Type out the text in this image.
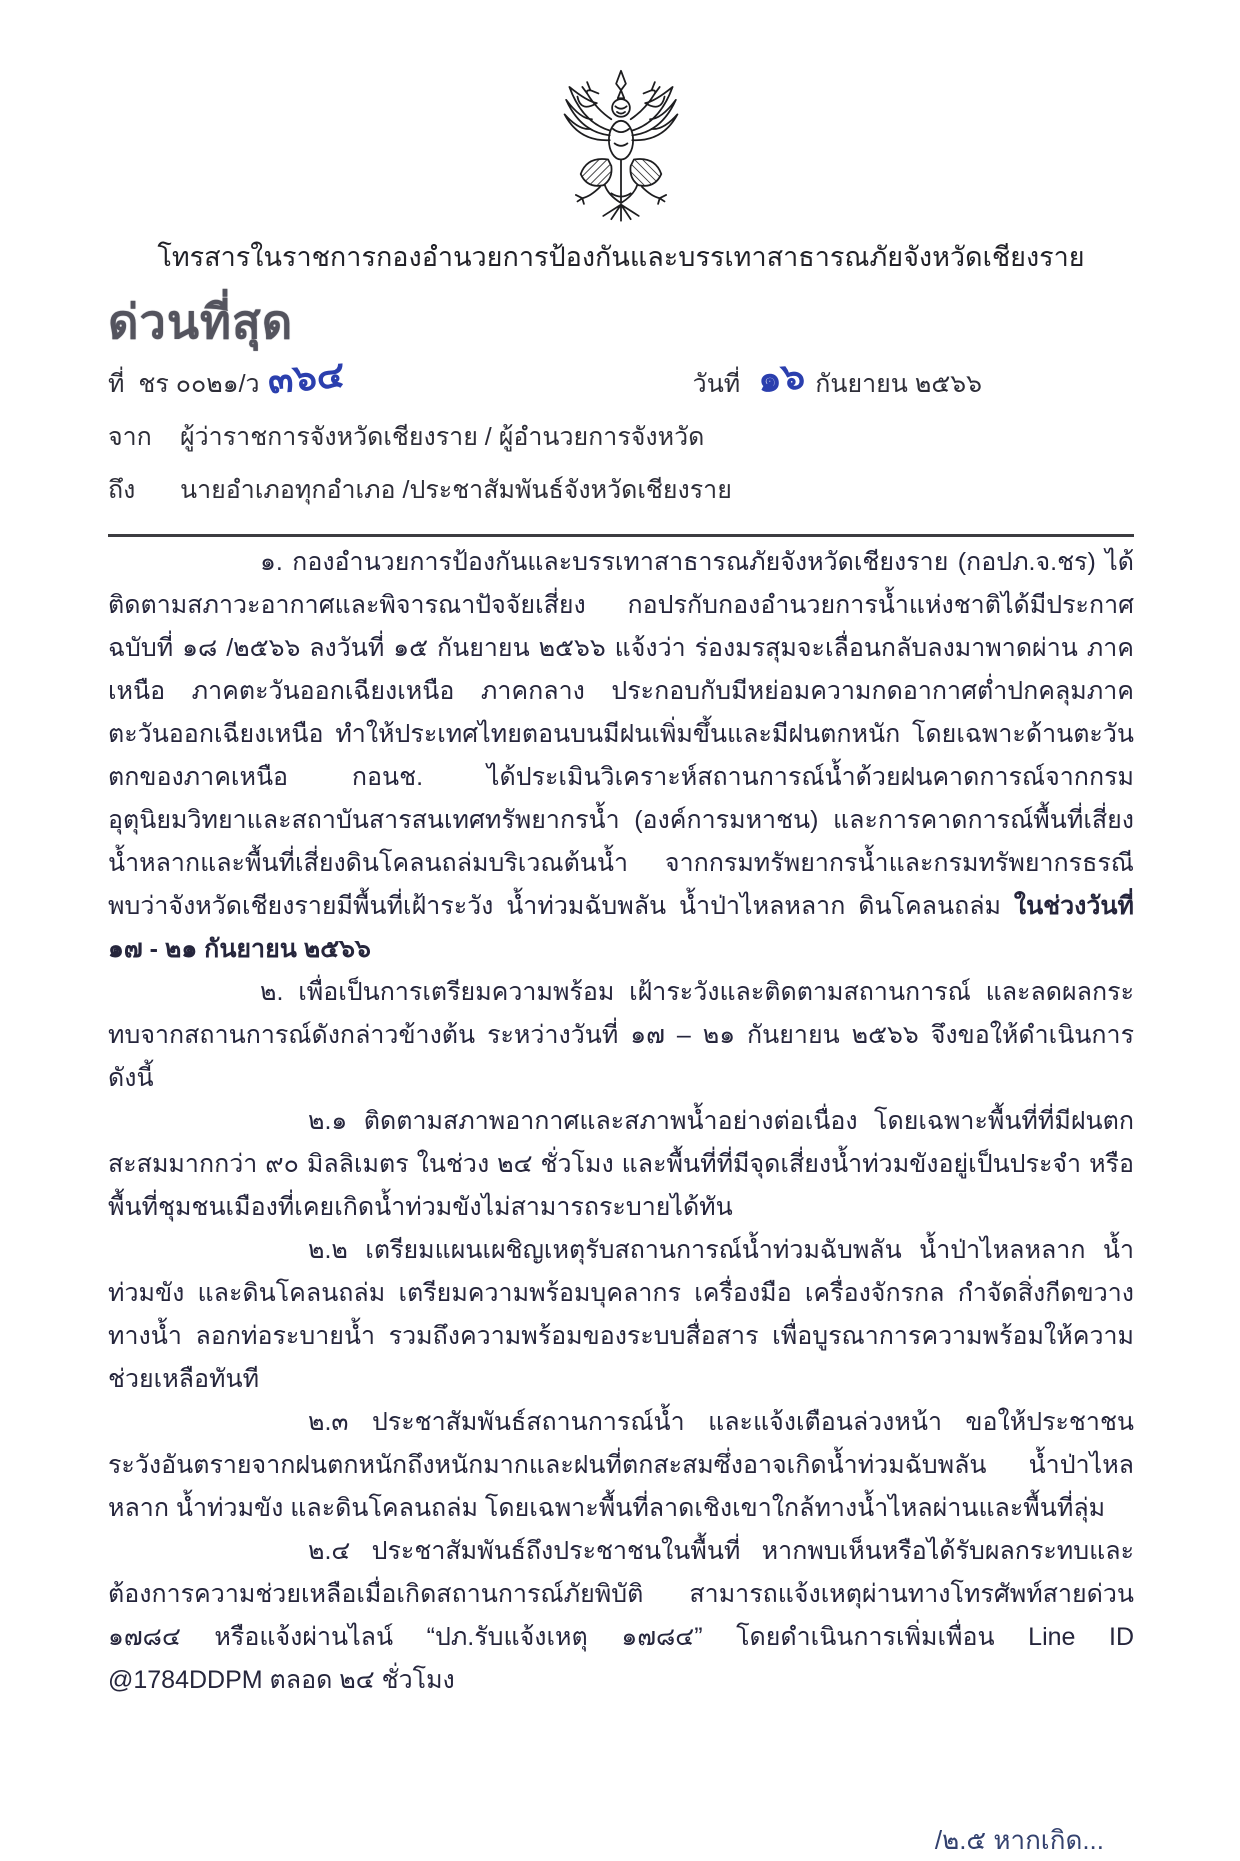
โทรสารในราชการกองอำนวยการป้องกันและบรรเทาสาธารณภัยจังหวัดเชียงราย
ด่วนที่สุด
ที่  ชร ๐๐๒๑/ว ๓๖๔	วันที่ ๑๖ กันยายน ๒๕๖๖
จาก	ผู้ว่าราชการจังหวัดเชียงราย / ผู้อำนวยการจังหวัด
ถึง	นายอำเภอทุกอำเภอ /ประชาสัมพันธ์จังหวัดเชียงราย

๑. กองอำนวยการป้องกันและบรรเทาสาธารณภัยจังหวัดเชียงราย (กอปภ.จ.ชร) ได้ติดตามสภาวะอากาศและพิจารณาปัจจัยเสี่ยง กอปรกับกองอำนวยการน้ำแห่งชาติได้มีประกาศฉบับที่ ๑๘ /๒๕๖๖ ลงวันที่ ๑๕ กันยายน ๒๕๖๖ แจ้งว่า ร่องมรสุมจะเลื่อนกลับลงมาพาดผ่าน ภาคเหนือ ภาคตะวันออกเฉียงเหนือ ภาคกลาง ประกอบกับมีหย่อมความกดอากาศต่ำปกคลุมภาคตะวันออกเฉียงเหนือ ทำให้ประเทศไทยตอนบนมีฝนเพิ่มขึ้นและมีฝนตกหนัก โดยเฉพาะด้านตะวันตกของภาคเหนือ กอนช. ได้ประเมินวิเคราะห์สถานการณ์น้ำด้วยฝนคาดการณ์จากกรมอุตุนิยมวิทยาและสถาบันสารสนเทศทรัพยากรน้ำ (องค์การมหาชน) และการคาดการณ์พื้นที่เสี่ยงน้ำหลากและพื้นที่เสี่ยงดินโคลนถล่มบริเวณต้นน้ำ จากกรมทรัพยากรน้ำและกรมทรัพยากรธรณี พบว่าจังหวัดเชียงรายมีพื้นที่เฝ้าระวัง น้ำท่วมฉับพลัน น้ำป่าไหลหลาก ดินโคลนถล่ม ในช่วงวันที่ ๑๗ - ๒๑ กันยายน ๒๕๖๖

๒. เพื่อเป็นการเตรียมความพร้อม เฝ้าระวังและติดตามสถานการณ์ และลดผลกระทบจากสถานการณ์ดังกล่าวข้างต้น ระหว่างวันที่ ๑๗ – ๒๑ กันยายน ๒๕๖๖ จึงขอให้ดำเนินการดังนี้

๒.๑ ติดตามสภาพอากาศและสภาพน้ำอย่างต่อเนื่อง โดยเฉพาะพื้นที่ที่มีฝนตกสะสมมากกว่า ๙๐ มิลลิเมตร ในช่วง ๒๔ ชั่วโมง และพื้นที่ที่มีจุดเสี่ยงน้ำท่วมขังอยู่เป็นประจำ หรือพื้นที่ชุมชนเมืองที่เคยเกิดน้ำท่วมขังไม่สามารถระบายได้ทัน

๒.๒ เตรียมแผนเผชิญเหตุรับสถานการณ์น้ำท่วมฉับพลัน น้ำป่าไหลหลาก น้ำท่วมขัง และดินโคลนถล่ม เตรียมความพร้อมบุคลากร เครื่องมือ เครื่องจักรกล กำจัดสิ่งกีดขวางทางน้ำ ลอกท่อระบายน้ำ รวมถึงความพร้อมของระบบสื่อสาร เพื่อบูรณาการความพร้อมให้ความช่วยเหลือทันที

๒.๓ ประชาสัมพันธ์สถานการณ์น้ำ และแจ้งเตือนล่วงหน้า ขอให้ประชาชนระวังอันตรายจากฝนตกหนักถึงหนักมากและฝนที่ตกสะสมซึ่งอาจเกิดน้ำท่วมฉับพลัน น้ำป่าไหลหลาก น้ำท่วมขัง และดินโคลนถล่ม โดยเฉพาะพื้นที่ลาดเชิงเขาใกล้ทางน้ำไหลผ่านและพื้นที่ลุ่ม

๒.๔ ประชาสัมพันธ์ถึงประชาชนในพื้นที่ หากพบเห็นหรือได้รับผลกระทบและต้องการความช่วยเหลือเมื่อเกิดสถานการณ์ภัยพิบัติ สามารถแจ้งเหตุผ่านทางโทรศัพท์สายด่วน ๑๗๘๔ หรือแจ้งผ่านไลน์ “ปภ.รับแจ้งเหตุ ๑๗๘๔” โดยดำเนินการเพิ่มเพื่อน Line ID @1784DDPM ตลอด ๒๔ ชั่วโมง

/๒.๕ หากเกิด...
